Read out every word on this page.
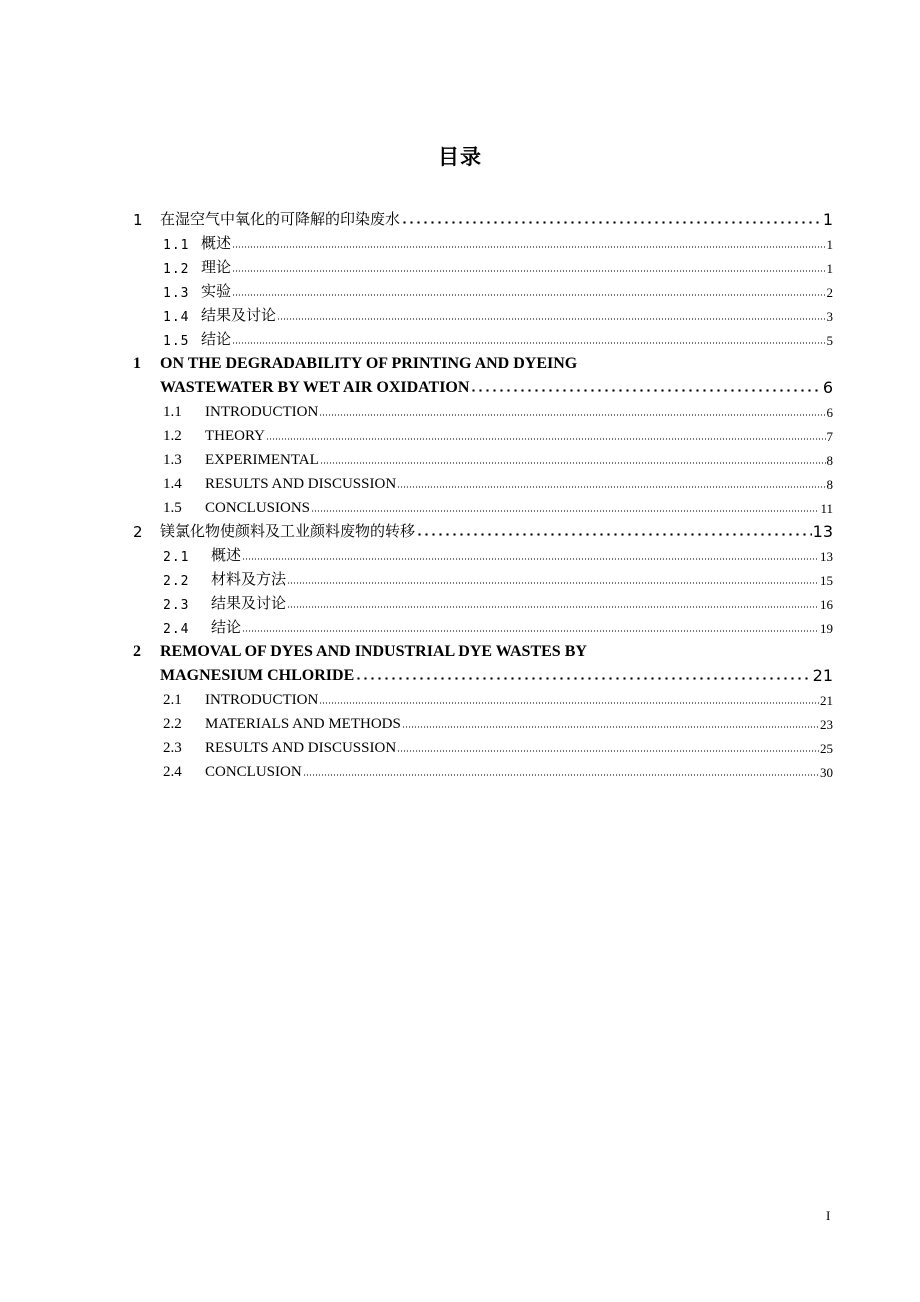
目录
1	在湿空气中氧化的可降解的印染废水	1
1.1 概述	1
1.2 理论	1
1.3 实验	2
1.4 结果及讨论	3
1.5 结论	5
1	ON THE DEGRADABILITY OF PRINTING AND DYEING
WASTEWATER BY WET AIR OXIDATION	6
1.1	INTRODUCTION	6
1.2	THEORY	7
1.3	EXPERIMENTAL	8
1.4	RESULTS AND DISCUSSION	8
1.5	CONCLUSIONS	11
2	镁氯化物使颜料及工业颜料废物的转移	13
2.1	概述	13
2.2	材料及方法	15
2.3	结果及讨论	16
2.4	结论	19
2	REMOVAL OF DYES AND INDUSTRIAL DYE WASTES BY
MAGNESIUM CHLORIDE	21
2.1	INTRODUCTION	21
2.2	MATERIALS AND METHODS	23
2.3	RESULTS AND DISCUSSION	25
2.4	CONCLUSION	30
I
